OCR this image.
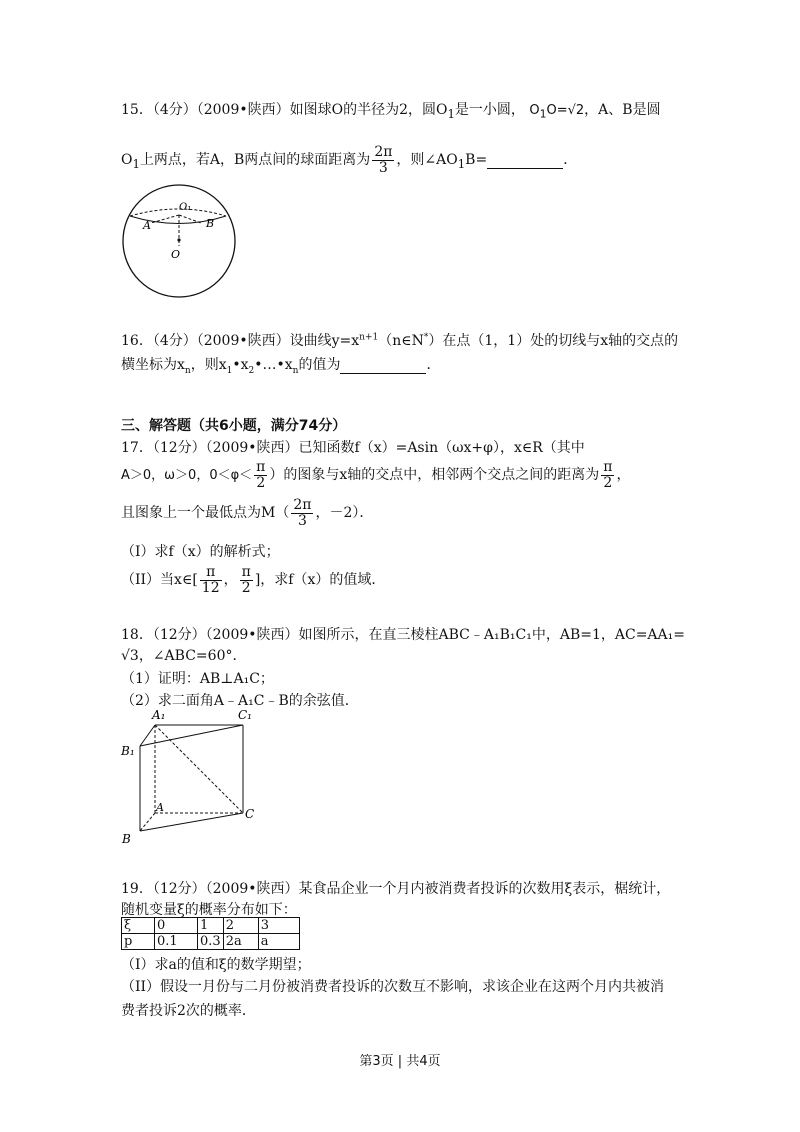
15．（4分）（2009•陕西）如图球O的半径为2，圆$O_1$是一小圆， $O_1O=√2$，A、B是圆
$O_1$上两点，若A，B两点间的球面距离为 $\frac{2\pi}{3}$ ，则$\angle AO_1B=$	．
O₁
A	B
O
16．（4分）（2009•陕西）设曲线$y=x^{n+1}(n\in N^*)$在点（1，1）处的切线与x轴的交点的
横坐标为$x_n$，则$x_1•x_2•\dots•x_n$的值为	．
三、解答题（共6小题，满分74分）
17．（12分）（2009•陕西）已知函数f（x）=Asin（ωx+φ），x∈R（其中
A＞0，ω＞0，$0<\varphi< \frac{\pi}{2}$ ）的图象与x轴的交点中，相邻两个交点之间的距离为 $\frac{\pi}{2}$ ，
且图象上一个最低点为$M( \frac{2\pi}{3}$ ，－2）．
（I）求f（x）的解析式；
（II）当x∈[ $\frac{\pi}{12}$ ， $\frac{\pi}{2}$ ]，求f（x）的值域．
18．（12分）（2009•陕西）如图所示，在直三棱柱ABC﹣A₁B₁C₁中，AB=1，AC=AA₁=
√3，∠ABC=60°．
（1）证明：AB⊥A₁C；
（2）求二面角A﹣A₁C﹣B的余弦值．
A₁	C₁
B₁
A	C
B
19．（12分）（2009•陕西）某食品企业一个月内被消费者投诉的次数用ξ表示，椐统计，
随机变量ξ的概率分布如下：
ξ	0	1	2	3
p	0.1	0.3	2a	a
（I）求a的值和ξ的数学期望；
（II）假设一月份与二月份被消费者投诉的次数互不影响，求该企业在这两个月内共被消
费者投诉2次的概率．
第3页 | 共4页
